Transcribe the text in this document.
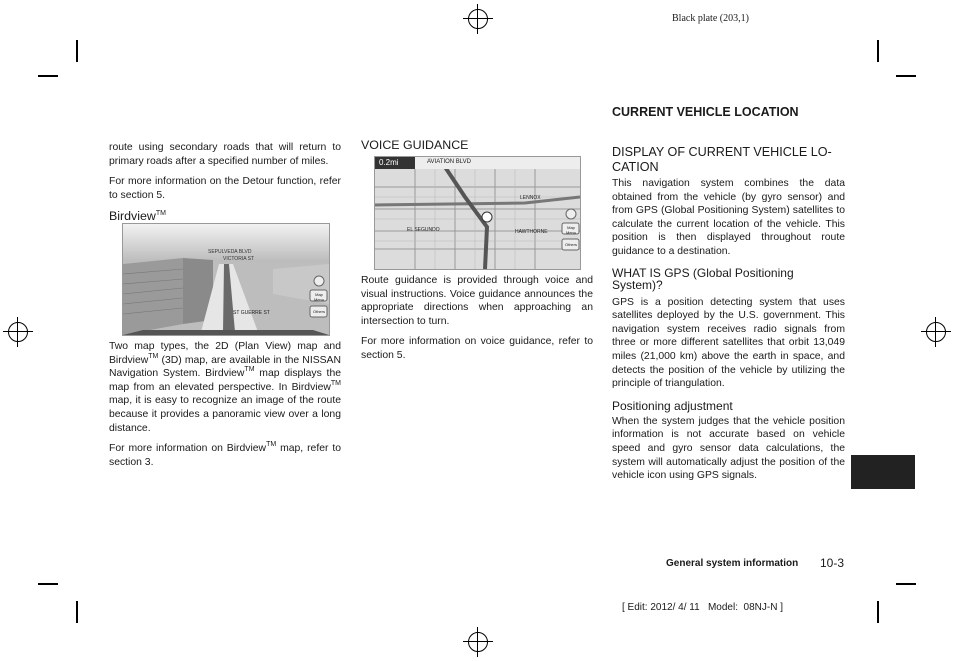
Black plate (203,1)

route using secondary roads that will return to primary roads after a specified number of miles.

For more information on the Detour function, refer to section 5.

Birdview™
SEPULVEDA BLVD
VICTORIA ST
ST GUERRE ST
Map Menu
Others

Two map types, the 2D (Plan View) map and Birdview™ (3D) map, are available in the NISSAN Navigation System. Birdview™ map displays the map from an elevated perspective. In Birdview™ map, it is easy to recognize an image of the route because it provides a panoramic view over a long distance.

For more information on Birdview™ map, refer to section 3.

VOICE GUIDANCE
0.2mi	AVIATION BLVD
LENNOX
EL SEGUNDO	HAWTHORNE
Map Menu
Others

Route guidance is provided through voice and visual instructions. Voice guidance announces the appropriate directions when approaching an intersection to turn.

For more information on voice guidance, refer to section 5.

CURRENT VEHICLE LOCATION
DISPLAY OF CURRENT VEHICLE LO-CATION

This navigation system combines the data obtained from the vehicle (by gyro sensor) and from GPS (Global Positioning System) satellites to calculate the current location of the vehicle. This position is then displayed throughout route guidance to a destination.

WHAT IS GPS (Global Positioning System)?

GPS is a position detecting system that uses satellites deployed by the U.S. government. This navigation system receives radio signals from three or more different satellites that orbit 13,049 miles (21,000 km) above the earth in space, and detects the position of the vehicle by utilizing the principle of triangulation.

Positioning adjustment

When the system judges that the vehicle position information is not accurate based on vehicle speed and gyro sensor data calculations, the system will automatically adjust the position of the vehicle icon using GPS signals.

General system information 10-3
[ Edit: 2012/ 4/ 11   Model:  08NJ-N ]
